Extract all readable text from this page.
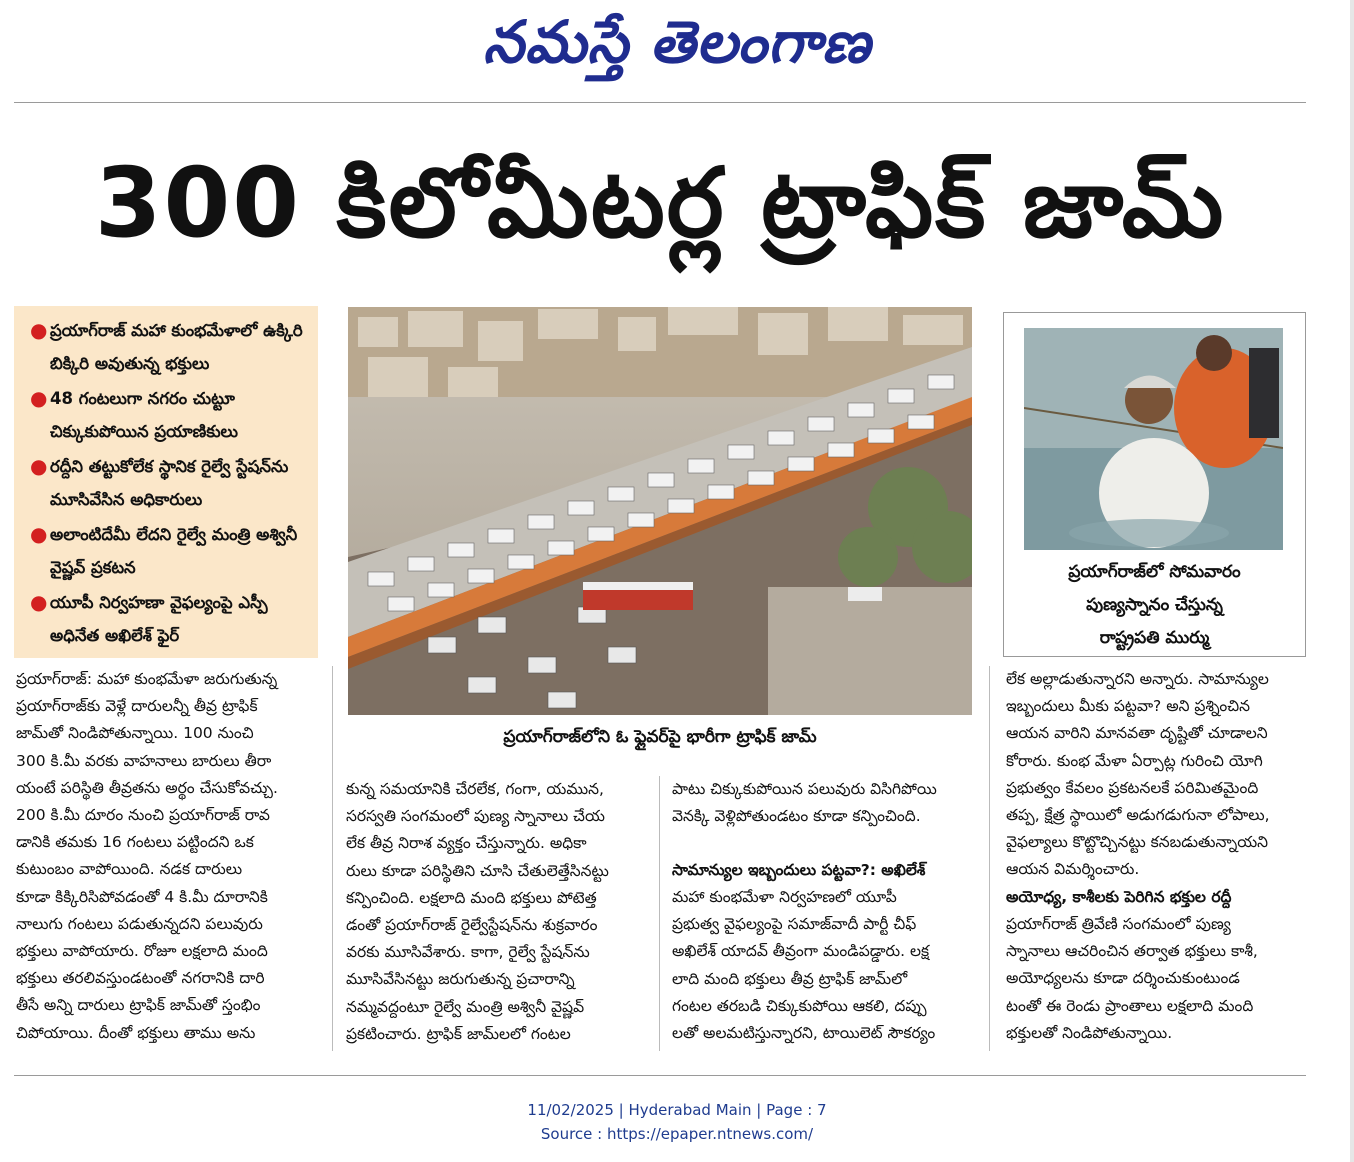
నమస్తే తెలంగాణ
300 కిలోమీటర్ల ట్రాఫిక్ జామ్
● ప్రయాగ్‌రాజ్ మహా కుంభమేళాలో ఉక్కిరి బిక్కిరి అవుతున్న భక్తులు
● 48 గంటలుగా నగరం చుట్టూ చిక్కుకుపోయిన ప్రయాణికులు
● రద్దీని తట్టుకోలేక స్థానిక రైల్వే స్టేషన్‌ను మూసివేసిన అధికారులు
● అలాంటిదేమీ లేదని రైల్వే మంత్రి అశ్వినీ వైష్ణవ్ ప్రకటన
● యూపీ నిర్వహణా వైఫల్యంపై ఎస్పీ అధినేత అఖిలేశ్ ఫైర్
ప్రయాగ్‌రాజ్‌లోని ఓ ఫ్లైవర్‌పై భారీగా ట్రాఫిక్ జామ్
ప్రయాగ్‌రాజ్‌లో సోమవారం
పుణ్యస్నానం చేస్తున్న
రాష్ట్రపతి ముర్ము
ప్రయాగ్‌రాజ్: మహా కుంభమేళా జరుగుతున్న
ప్రయాగ్‌రాజ్‌కు వెళ్లే దారులన్నీ తీవ్ర ట్రాఫిక్
జామ్‌తో నిండిపోతున్నాయి. 100 నుంచి
300 కి.మీ వరకు వాహనాలు బారులు తీరా
యంటే పరిస్థితి తీవ్రతను అర్థం చేసుకోవచ్చు.
200 కి.మీ దూరం నుంచి ప్రయాగ్‌రాజ్ రావ
డానికి తమకు 16 గంటలు పట్టిందని ఒక
కుటుంబం వాపోయింది. నడక దారులు
కూడా కిక్కిరిసిపోవడంతో 4 కి.మీ దూరానికి
నాలుగు గంటలు పడుతున్నదని పలువురు
భక్తులు వాపోయారు. రోజూ లక్షలాది మంది
భక్తులు తరలివస్తుండటంతో నగరానికి దారి
తీసే అన్ని దారులు ట్రాఫిక్ జామ్‌తో స్తంభిం
చిపోయాయి. దీంతో భక్తులు తాము అను
కున్న సమయానికి చేరలేక, గంగా, యమున,
సరస్వతి సంగమంలో పుణ్య స్నానాలు చేయ
లేక తీవ్ర నిరాశ వ్యక్తం చేస్తున్నారు. అధికా
రులు కూడా పరిస్థితిని చూసి చేతులెత్తేసినట్టు
కన్పించింది. లక్షలాది మంది భక్తులు పోటెత్త
డంతో ప్రయాగ్‌రాజ్ రైల్వేస్టేషన్‌ను శుక్రవారం
వరకు మూసివేశారు. కాగా, రైల్వే స్టేషన్‌ను
మూసివేసినట్టు జరుగుతున్న ప్రచారాన్ని
నమ్మవద్దంటూ రైల్వే మంత్రి అశ్వినీ వైష్ణవ్
ప్రకటించారు. ట్రాఫిక్ జామ్‌లలో గంటల
పాటు చిక్కుకుపోయిన పలువురు విసిగిపోయి
వెనక్కి వెళ్లిపోతుండటం కూడా కన్పించింది.
సామాన్యుల ఇబ్బందులు పట్టవా?: అఖిలేశ్
మహా కుంభమేళా నిర్వహణలో యూపీ
ప్రభుత్వ వైఫల్యంపై సమాజ్‌వాదీ పార్టీ చీఫ్
అఖిలేశ్ యాదవ్ తీవ్రంగా మండిపడ్డారు. లక్ష
లాది మంది భక్తులు తీవ్ర ట్రాఫిక్ జామ్‌లో
గంటల తరబడి చిక్కుకుపోయి ఆకలి, దప్పు
లతో అలమటిస్తున్నారని, టాయిలెట్ సౌకర్యం
లేక అల్లాడుతున్నారని అన్నారు. సామాన్యుల
ఇబ్బందులు మీకు పట్టవా? అని ప్రశ్నించిన
ఆయన వారిని మానవతా దృష్టితో చూడాలని
కోరారు. కుంభ మేళా ఏర్పాట్ల గురించి యోగి
ప్రభుత్వం కేవలం ప్రకటనలకే పరిమితమైంది
తప్ప, క్షేత్ర స్థాయిలో అడుగడుగునా లోపాలు,
వైఫల్యాలు కొట్టొచ్చినట్టు కనబడుతున్నాయని
ఆయన విమర్శించారు.
అయోధ్య, కాశీలకు పెరిగిన భక్తుల రద్దీ
ప్రయాగ్‌రాజ్ త్రివేణి సంగమంలో పుణ్య
స్నానాలు ఆచరించిన తర్వాత భక్తులు కాశీ,
అయోధ్యలను కూడా దర్శించుకుంటుండ
టంతో ఈ రెండు ప్రాంతాలు లక్షలాది మంది
భక్తులతో నిండిపోతున్నాయి.
11/02/2025 | Hyderabad Main | Page : 7
Source : https://epaper.ntnews.com/
